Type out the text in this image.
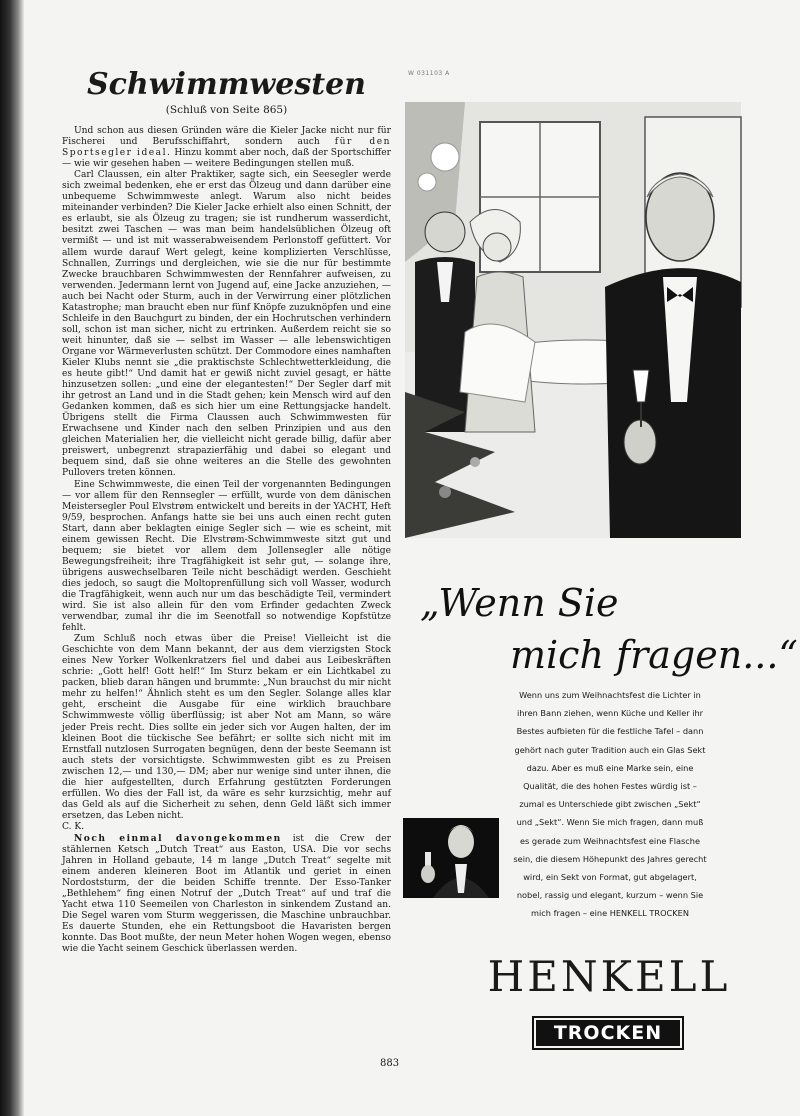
Schwimmwesten
(Schluß von Seite 865)

Und schon aus diesen Gründen wäre die Kieler Jacke nicht nur für Fischerei und Berufsschiffahrt, sondern auch für den Sportsegler ideal. Hinzu kommt aber noch, daß der Sportschiffer — wie wir gesehen haben — weitere Bedingungen stellen muß.

Carl Claussen, ein alter Praktiker, sagte sich, ein Seesegler werde sich zweimal bedenken, ehe er erst das Ölzeug und dann darüber eine unbequeme Schwimmweste anlegt. Warum also nicht beides miteinander verbinden? Die Kieler Jacke erhielt also einen Schnitt, der es erlaubt, sie als Ölzeug zu tragen; sie ist rundherum wasserdicht, besitzt zwei Taschen — was man beim handelsüblichen Ölzeug oft vermißt — und ist mit wasserabweisendem Perlonstoff gefüttert. Vor allem wurde darauf Wert gelegt, keine komplizierten Verschlüsse, Schnallen, Zurrings und dergleichen, wie sie die nur für bestimmte Zwecke brauchbaren Schwimmwesten der Rennfahrer aufweisen, zu verwenden. Jedermann lernt von Jugend auf, eine Jacke anzuziehen, — auch bei Nacht oder Sturm, auch in der Verwirrung einer plötzlichen Katastrophe; man braucht eben nur fünf Knöpfe zuzuknöpfen und eine Schleife in den Bauchgurt zu binden, der ein Hochrutschen verhindern soll, schon ist man sicher, nicht zu ertrinken. Außerdem reicht sie so weit hinunter, daß sie — selbst im Wasser — alle lebenswichtigen Organe vor Wärmeverlusten schützt. Der Commodore eines namhaften Kieler Klubs nennt sie „die praktischste Schlechtwetterkleidung, die es heute gibt!“ Und damit hat er gewiß nicht zuviel gesagt, er hätte hinzusetzen sollen: „und eine der elegantesten!“ Der Segler darf mit ihr getrost an Land und in die Stadt gehen; kein Mensch wird auf den Gedanken kommen, daß es sich hier um eine Rettungsjacke handelt. Übrigens stellt die Firma Claussen auch Schwimmwesten für Erwachsene und Kinder nach den selben Prinzipien und aus den gleichen Materialien her, die vielleicht nicht gerade billig, dafür aber preiswert, unbegrenzt strapazierfähig und dabei so elegant und bequem sind, daß sie ohne weiteres an die Stelle des gewohnten Pullovers treten können.

Eine Schwimmweste, die einen Teil der vorgenannten Bedingungen — vor allem für den Rennsegler — erfüllt, wurde von dem dänischen Meistersegler Poul Elvstrøm entwickelt und bereits in der YACHT, Heft 9/59, besprochen. Anfangs hatte sie bei uns auch einen recht guten Start, dann aber beklagten einige Segler sich — wie es scheint, mit einem gewissen Recht. Die Elvstrøm-Schwimmweste sitzt gut und bequem; sie bietet vor allem dem Jollensegler alle nötige Bewegungsfreiheit; ihre Tragfähigkeit ist sehr gut, — solange ihre, übrigens auswechselbaren Teile nicht beschädigt werden. Geschieht dies jedoch, so saugt die Moltoprenfüllung sich voll Wasser, wodurch die Tragfähigkeit, wenn auch nur um das beschädigte Teil, vermindert wird. Sie ist also allein für den vom Erfinder gedachten Zweck verwendbar, zumal ihr die im Seenotfall so notwendige Kopfstütze fehlt.

Zum Schluß noch etwas über die Preise! Vielleicht ist die Geschichte von dem Mann bekannt, der aus dem vierzigsten Stock eines New Yorker Wolkenkratzers fiel und dabei aus Leibeskräften schrie: „Gott helf! Gott helf!“ Im Sturz bekam er ein Lichtkabel zu packen, blieb daran hängen und brummte: „Nun brauchst du mir nicht mehr zu helfen!“ Ähnlich steht es um den Segler. Solange alles klar geht, erscheint die Ausgabe für eine wirklich brauchbare Schwimmweste völlig überflüssig; ist aber Not am Mann, so wäre jeder Preis recht. Dies sollte ein jeder sich vor Augen halten, der im kleinen Boot die tückische See befährt; er sollte sich nicht mit im Ernstfall nutzlosen Surrogaten begnügen, denn der beste Seemann ist auch stets der vorsichtigste. Schwimmwesten gibt es zu Preisen zwischen 12,— und 130,— DM; aber nur wenige sind unter ihnen, die die hier aufgestellten, durch Erfahrung gestützten Forderungen erfüllen. Wo dies der Fall ist, da wäre es sehr kurzsichtig, mehr auf das Geld als auf die Sicherheit zu sehen, denn Geld läßt sich immer ersetzen, das Leben nicht.

C. K.

Noch einmal davongekommen ist die Crew der stählernen Ketsch „Dutch Treat“ aus Easton, USA. Die vor sechs Jahren in Holland gebaute, 14 m lange „Dutch Treat“ segelte mit einem anderen kleineren Boot im Atlantik und geriet in einen Nordoststurm, der die beiden Schiffe trennte. Der Esso-Tanker „Bethlehem“ fing einen Notruf der „Dutch Treat“ auf und traf die Yacht etwa 110 Seemeilen von Charleston in sinkendem Zustand an. Die Segel waren vom Sturm weggerissen, die Maschine unbrauchbar. Es dauerte Stunden, ehe ein Rettungsboot die Havaristen bergen konnte. Das Boot mußte, der neun Meter hohen Wogen wegen, ebenso wie die Yacht seinem Geschick überlassen werden.

883
W 031103 A
„Wenn Sie
mich fragen...“
Wenn uns zum Weihnachtsfest die Lichter in ihren Bann ziehen, wenn Küche und Keller ihr Bestes aufbieten für die festliche Tafel – dann gehört nach guter Tradition auch ein Glas Sekt dazu. Aber es muß eine Marke sein, eine Qualität, die des hohen Festes würdig ist – zumal es Unterschiede gibt zwischen „Sekt“ und „Sekt“. Wenn Sie mich fragen, dann muß es gerade zum Weihnachtsfest eine Flasche sein, die diesem Höhepunkt des Jahres gerecht wird, ein Sekt von Format, gut abgelagert, nobel, rassig und elegant, kurzum – wenn Sie mich fragen – eine HENKELL TROCKEN
HENKELL
TROCKEN
